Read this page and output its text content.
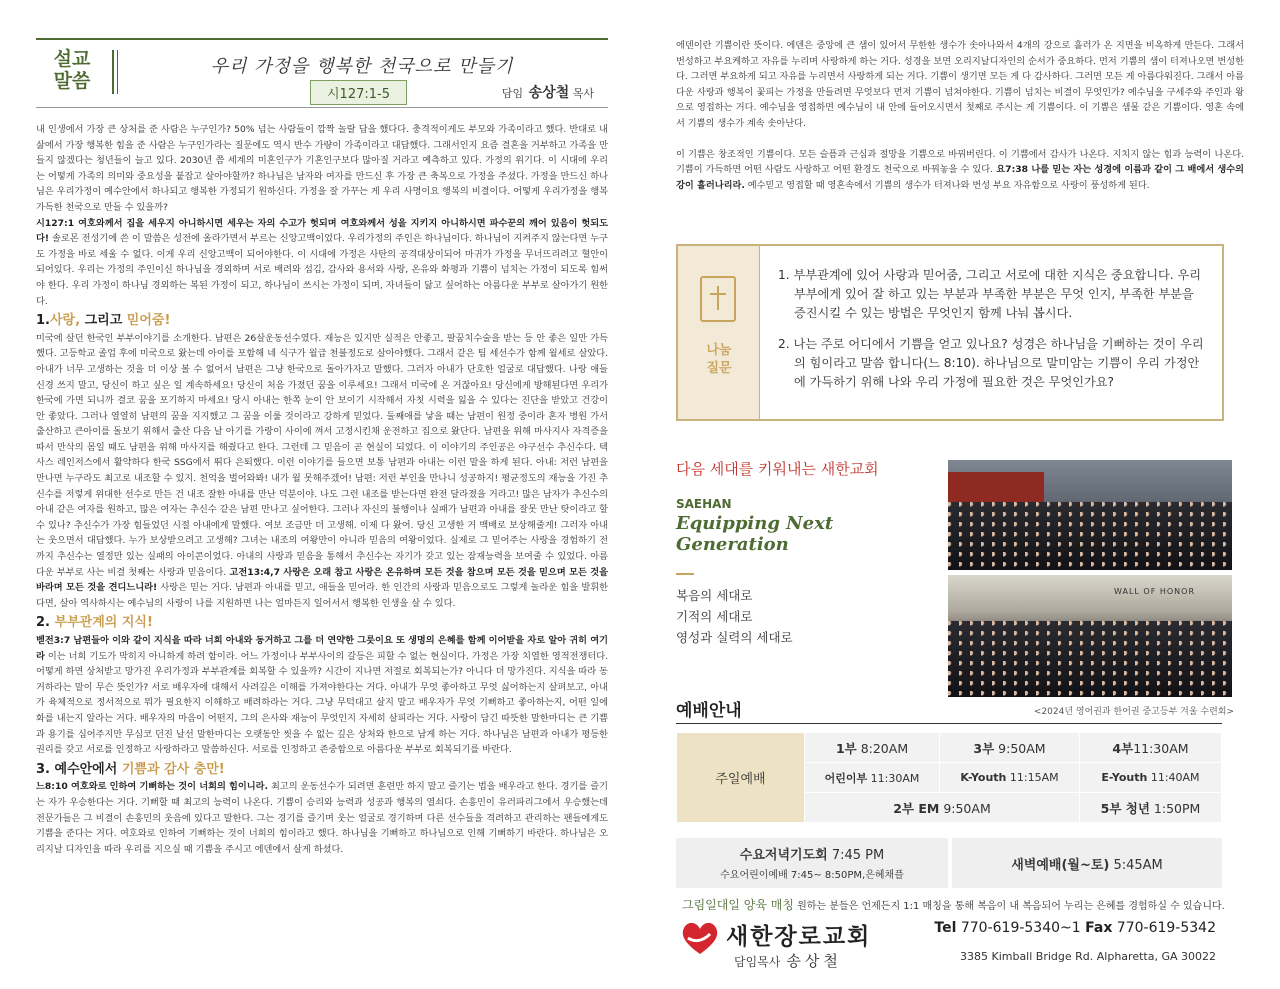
설교
말씀
우리 가정을 행복한 천국으로 만들기
시127:1-5	담임 송상철 목사

내 인생에서 가장 큰 상처를 준 사람은 누구인가? 50% 넘는 사람들이 깜짝 놀랄 답을 했다다. 충격적이게도 부모와 가족이라고 했다. 반대로 내 삶에서 가장 행복한 힘을 준 사람은 누구인가라는 질문에도 역시 반수 가량이 가족이라고 대답했다. 그래서인지 요즘 결혼을 거부하고 가족을 만들지 않겠다는 청년들이 늘고 있다. 2030년 쯤 세계의 미혼인구가 기혼인구보다 많아질 거라고 예측하고 있다. 가정의 위기다. 이 시대에 우리는 어떻게 가족의 의미와 중요성을 붙잡고 살아야할까? 하나님은 남자와 여자를 만드신 후 가장 큰 축복으로 가정을 주셨다. 가정을 만드신 하나님은 우리가정이 예수안에서 하나되고 행복한 가정되기 원하신다. 가정을 잘 가꾸는 게 우리 사명이요 행복의 비결이다. 어떻게 우리가정을 행복 가득한 천국으로 만들 수 있을까?

시127:1 여호와께서 집을 세우지 아니하시면 세우는 자의 수고가 헛되며 여호와께서 성을 지키지 아니하시면 파수꾼의 깨어 있음이 헛되도다! 솔로몬 전성기에 쓴 이 말씀은 성전에 올라가면서 부르는 신앙고백이었다. 우리가정의 주인은 하나님이다. 하나님이 지켜주지 않는다면 누구도 가정을 바로 세울 수 없다. 이게 우리 신앙고백이 되어야한다. 이 시대에 가정은 사탄의 공격대상이되어 마귀가 가정을 무너뜨리려고 혈안이 되어있다. 우리는 가정의 주인이신 하나님을 경외하며 서로 배려와 섬김, 감사와 용서와 사랑, 온유와 화평과 기쁨이 넘치는 가정이 되도록 힘써야 한다. 우리 가정이 하나님 경외하는 복된 가정이 되고, 하나님이 쓰시는 가정이 되며, 자녀들이 닮고 싶어하는 아름다운 부부로 살아가기 원한다.

1.사랑, 그리고 믿어줌!

미국에 살던 한국인 부부이야기를 소개한다. 남편은 26살운동선수였다. 재능은 있지만 실적은 안좋고, 팔꿈치수술을 받는 등 안 좋은 일만 가득했다. 고등학교 졸업 후에 미국으로 왔는데 아이를 포함해 네 식구가 월급 천불정도로 살아야했다. 그래서 같은 팀 세선수가 함께 월세로 살았다. 아내가 너무 고생하는 것을 더 이상 볼 수 없어서 남편은 그냥 한국으로 돌아가자고 말했다. 그러자 아내가 단호한 얼굴로 대답했다. 나랑 애들 신경 쓰지 말고, 당신이 하고 싶은 일 계속하세요! 당신이 처음 가졌던 꿈을 이루세요! 그래서 미국에 온 거잖아요! 당신에게 방해된다면 우리가 한국에 가면 되니까 결코 꿈을 포기하지 마세요! 당시 아내는 한쪽 눈이 안 보이기 시작해서 자칫 시력을 잃을 수 있다는 진단을 받았고 건강이 안 좋았다. 그러나 열열히 남편의 꿈을 지지했고 그 꿈을 이룰 것이라고 강하게 믿었다. 둘째애를 낳을 때는 남편이 원정 중이라 혼자 병원 가서 출산하고 큰아이를 돌보기 위해서 출산 다음 날 아기를 가랑이 사이에 껴서 고정시킨채 운전하고 집으로 왔단다. 남편을 위해 마사지사 자격증을 따서 만삭의 몸일 때도 남편을 위해 마사지를 해줬다고 한다. 그런데 그 믿음이 곧 현실이 되었다. 이 이야기의 주인공은 야구선수 추신수다. 텍사스 레인저스에서 활약하다 한국 SSG에서 뛰다 은퇴했다. 이런 이야기를 들으면 보통 남편과 아내는 이런 말을 하게 된다. 아내: 저런 남편을 만나면 누구라도 최고로 내조할 수 있지. 천억을 벌어와봐! 내가 월 못해주겠어! 남편: 저런 부인을 만나니 성공하지! 평균정도의 재능을 가진 추신수를 저렇게 위대한 선수로 만든 건 내조 잘한 아내를 만난 덕분이야. 나도 그런 내조를 받는다면 완전 달라졌을 거라고! 많은 남자가 추신수의 아내 같은 여자를 원하고, 많은 여자는 추신수 같은 남편 만나고 싶어한다. 그러나 자신의 불행이나 실패가 남편과 아내를 잘못 만난 탓이라고 할 수 있나? 추신수가 가장 힘들었던 시절 아내에게 말했다. 여보 조금만 더 고생해. 이제 다 왔어. 당신 고생한 거 백배로 보상해줄게! 그러자 아내는 웃으면서 대답했다. 누가 보상받으려고 고생해? 그녀는 내조의 여왕만이 아니라 믿음의 여왕이었다. 실제로 그 믿어주는 사랑을 경험하기 전까지 추신수는 열정만 있는 실패의 아이콘이었다. 아내의 사랑과 믿음을 통해서 추신수는 자기가 갖고 있는 잠재능력을 보여줄 수 있었다. 아름다운 부부로 사는 비결 첫째는 사랑과 믿음이다. 고전13:4,7 사랑은 오래 참고 사랑은 온유하며 모든 것을 참으며 모든 것을 믿으며 모든 것을 바라며 모든 것을 견디느니라! 사랑은 믿는 거다. 남편과 아내를 믿고, 애들을 믿어라. 한 인간의 사랑과 믿음으로도 그렇게 놀라운 힘을 발휘한다면, 살아 역사하시는 예수님의 사랑이 나를 지원하면 나는 얼마든지 일어서서 행복한 인생을 살 수 있다.

2. 부부관계의 지식!

벧전3:7 남편들아 이와 같이 지식을 따라 너희 아내와 동거하고 그를 더 연약한 그릇이요 또 생명의 은혜를 함께 이어받을 자로 알아 귀히 여기라 이는 너희 기도가 막히지 아니하게 하려 함이라. 어느 가정이나 부부사이의 갈등은 피할 수 없는 현실이다. 가정은 가장 치열한 영적전쟁터다. 어떻게 하면 상처받고 망가진 우리가정과 부부관계를 회복할 수 있을까? 시간이 지나면 저절로 회복되는가? 아니다 더 망가진다. 지식을 따라 동거하라는 말이 무슨 뜻인가? 서로 배우자에 대해서 사려깊은 이해를 가져야한다는 거다. 아내가 무엇 좋아하고 무엇 싫어하는지 살펴보고, 아내가 육체적으로 정서적으로 뭐가 필요한지 이해하고 배려하라는 거다. 그냥 무턱대고 살지 말고 배우자가 무엇 기뻐하고 좋아하는지, 어떤 일에 화를 내는지 알라는 거다. 배우자의 마음이 어떤지, 그의 은사와 재능이 무엇인지 자세히 살피라는 거다. 사랑이 담긴 따뜻한 말한마디는 큰 기쁨과 용기를 심어주지만 무심코 던진 날선 말한마디는 오랫동안 씻을 수 없는 깊은 상처와 한으로 남게 하는 거다. 하나님은 남편과 아내가 평등한 권리를 갖고 서로를 인정하고 사랑하라고 말씀하신다. 서로를 인정하고 존중함으로 아름다운 부부로 회복되기를 바란다.

3. 예수안에서 기쁨과 감사 충만!

느8:10 여호와로 인하여 기뻐하는 것이 너희의 힘이니라. 최고의 운동선수가 되려면 훈련만 하지 말고 즐기는 법을 배우라고 한다. 경기를 즐기는 자가 우승한다는 거다. 기뻐할 때 최고의 능력이 나온다. 기쁨이 승리와 능력과 성공과 행복의 열쇠다. 손흥민이 유러파리그에서 우승했는데 전문가들은 그 비결이 손흥민의 웃음에 있다고 말한다. 그는 경기를 즐기며 웃는 얼굴로 경기하며 다른 선수들을 격려하고 관리하는 팬들에게도 기쁨을 준다는 거다. 여호와로 인하여 기뻐하는 것이 너희의 힘이라고 했다. 하나님을 기뻐하고 하나님으로 인해 기뻐하기 바란다. 하나님은 오리지날 디자인을 따라 우리를 지으실 때 기쁨을 주시고 에덴에서 살게 하셨다.

에덴이란 기쁨이란 뜻이다. 에덴은 중앙에 큰 샘이 있어서 무한한 생수가 솟아나와서 4개의 강으로 흘러가 온 지면을 비옥하게 만든다. 그래서 번성하고 부요케하고 자유를 누리며 사랑하게 하는 거다. 성경을 보면 오리지날디자인의 순서가 중요하다. 먼저 기쁨의 샘이 터져나오면 번성한다. 그러면 부요하게 되고 자유를 누리면서 사랑하게 되는 거다. 기쁨이 생기면 모든 게 다 감사하다. 그러면 모든 게 아름다워진다. 그래서 아름다운 사랑과 행복이 꽃피는 가정을 만들려면 무엇보다 먼저 기쁨이 넘쳐야한다. 기쁨이 넘치는 비결이 무엇인가? 예수님을 구세주와 주인과 왕으로 영접하는 거다. 예수님을 영접하면 예수님이 내 안에 들어오시면서 첫째로 주시는 게 기쁨이다. 이 기쁨은 샘물 같은 기쁨이다. 영혼 속에서 기쁨의 생수가 계속 솟아난다.

이 기쁨은 창조적인 기쁨이다. 모든 슬픔과 근심과 절망을 기쁨으로 바꿔버린다. 이 기쁨에서 감사가 나온다. 지치지 않는 힘과 능력이 나온다. 기쁨이 가득하면 어떤 사람도 사랑하고 어떤 환경도 천국으로 바꿔놓을 수 있다. 요7:38 나를 믿는 자는 성경에 이름과 같이 그 배에서 생수의 강이 흘러나리라. 예수믿고 영접할 때 영혼속에서 기쁨의 생수가 터져나와 번성 부요 자유함으로 사랑이 풍성하게 된다.

나눔
질문
1. 부부관계에 있어 사랑과 믿어줌, 그리고 서로에 대한 지식은 중요합니다. 우리 부부에게 있어 잘 하고 있는 부분과 부족한 부분은 무엇 인지, 부족한 부분을 증진시킬 수 있는 방법은 무엇인지 함께 나눠 봅시다.
2. 나는 주로 어디에서 기쁨을 얻고 있나요? 성경은 하나님을 기뻐하는 것이 우리의 힘이라고 말씀 합니다(느 8:10). 하나님으로 말미암는 기쁨이 우리 가정안에 가득하기 위해 나와 우리 가정에 필요한 것은 무엇인가요?
다음 세대를 키워내는 새한교회
SAEHAN
Equipping Next Generation
복음의 세대로
기적의 세대로
영성과 실력의 세대로
WALL OF HONOR
<2024년 영어권과 한어권 중고등부 겨울 수련회>
예배안내
주일예배	1부 8:20AM	3부 9:50AM	4부11:30AM
	어린이부 11:30AM	K-Youth 11:15AM	E-Youth 11:40AM
	2부 EM 9:50AM		5부 청년 1:50PM
수요저녁기도회 7:45 PM
수요어린이예배 7:45~ 8:50PM,은혜채플
새벽예배(월~토) 5:45AM
그림일대일 양육 매칭 원하는 분들은 언제든지 1:1 매칭을 통해 복음이 내 복음되어 누리는 은혜를 경험하실 수 있습니다.
새한장로교회
담임목사 송상철
Tel 770-619-5340~1 Fax 770-619-5342
3385 Kimball Bridge Rd. Alpharetta, GA 30022
